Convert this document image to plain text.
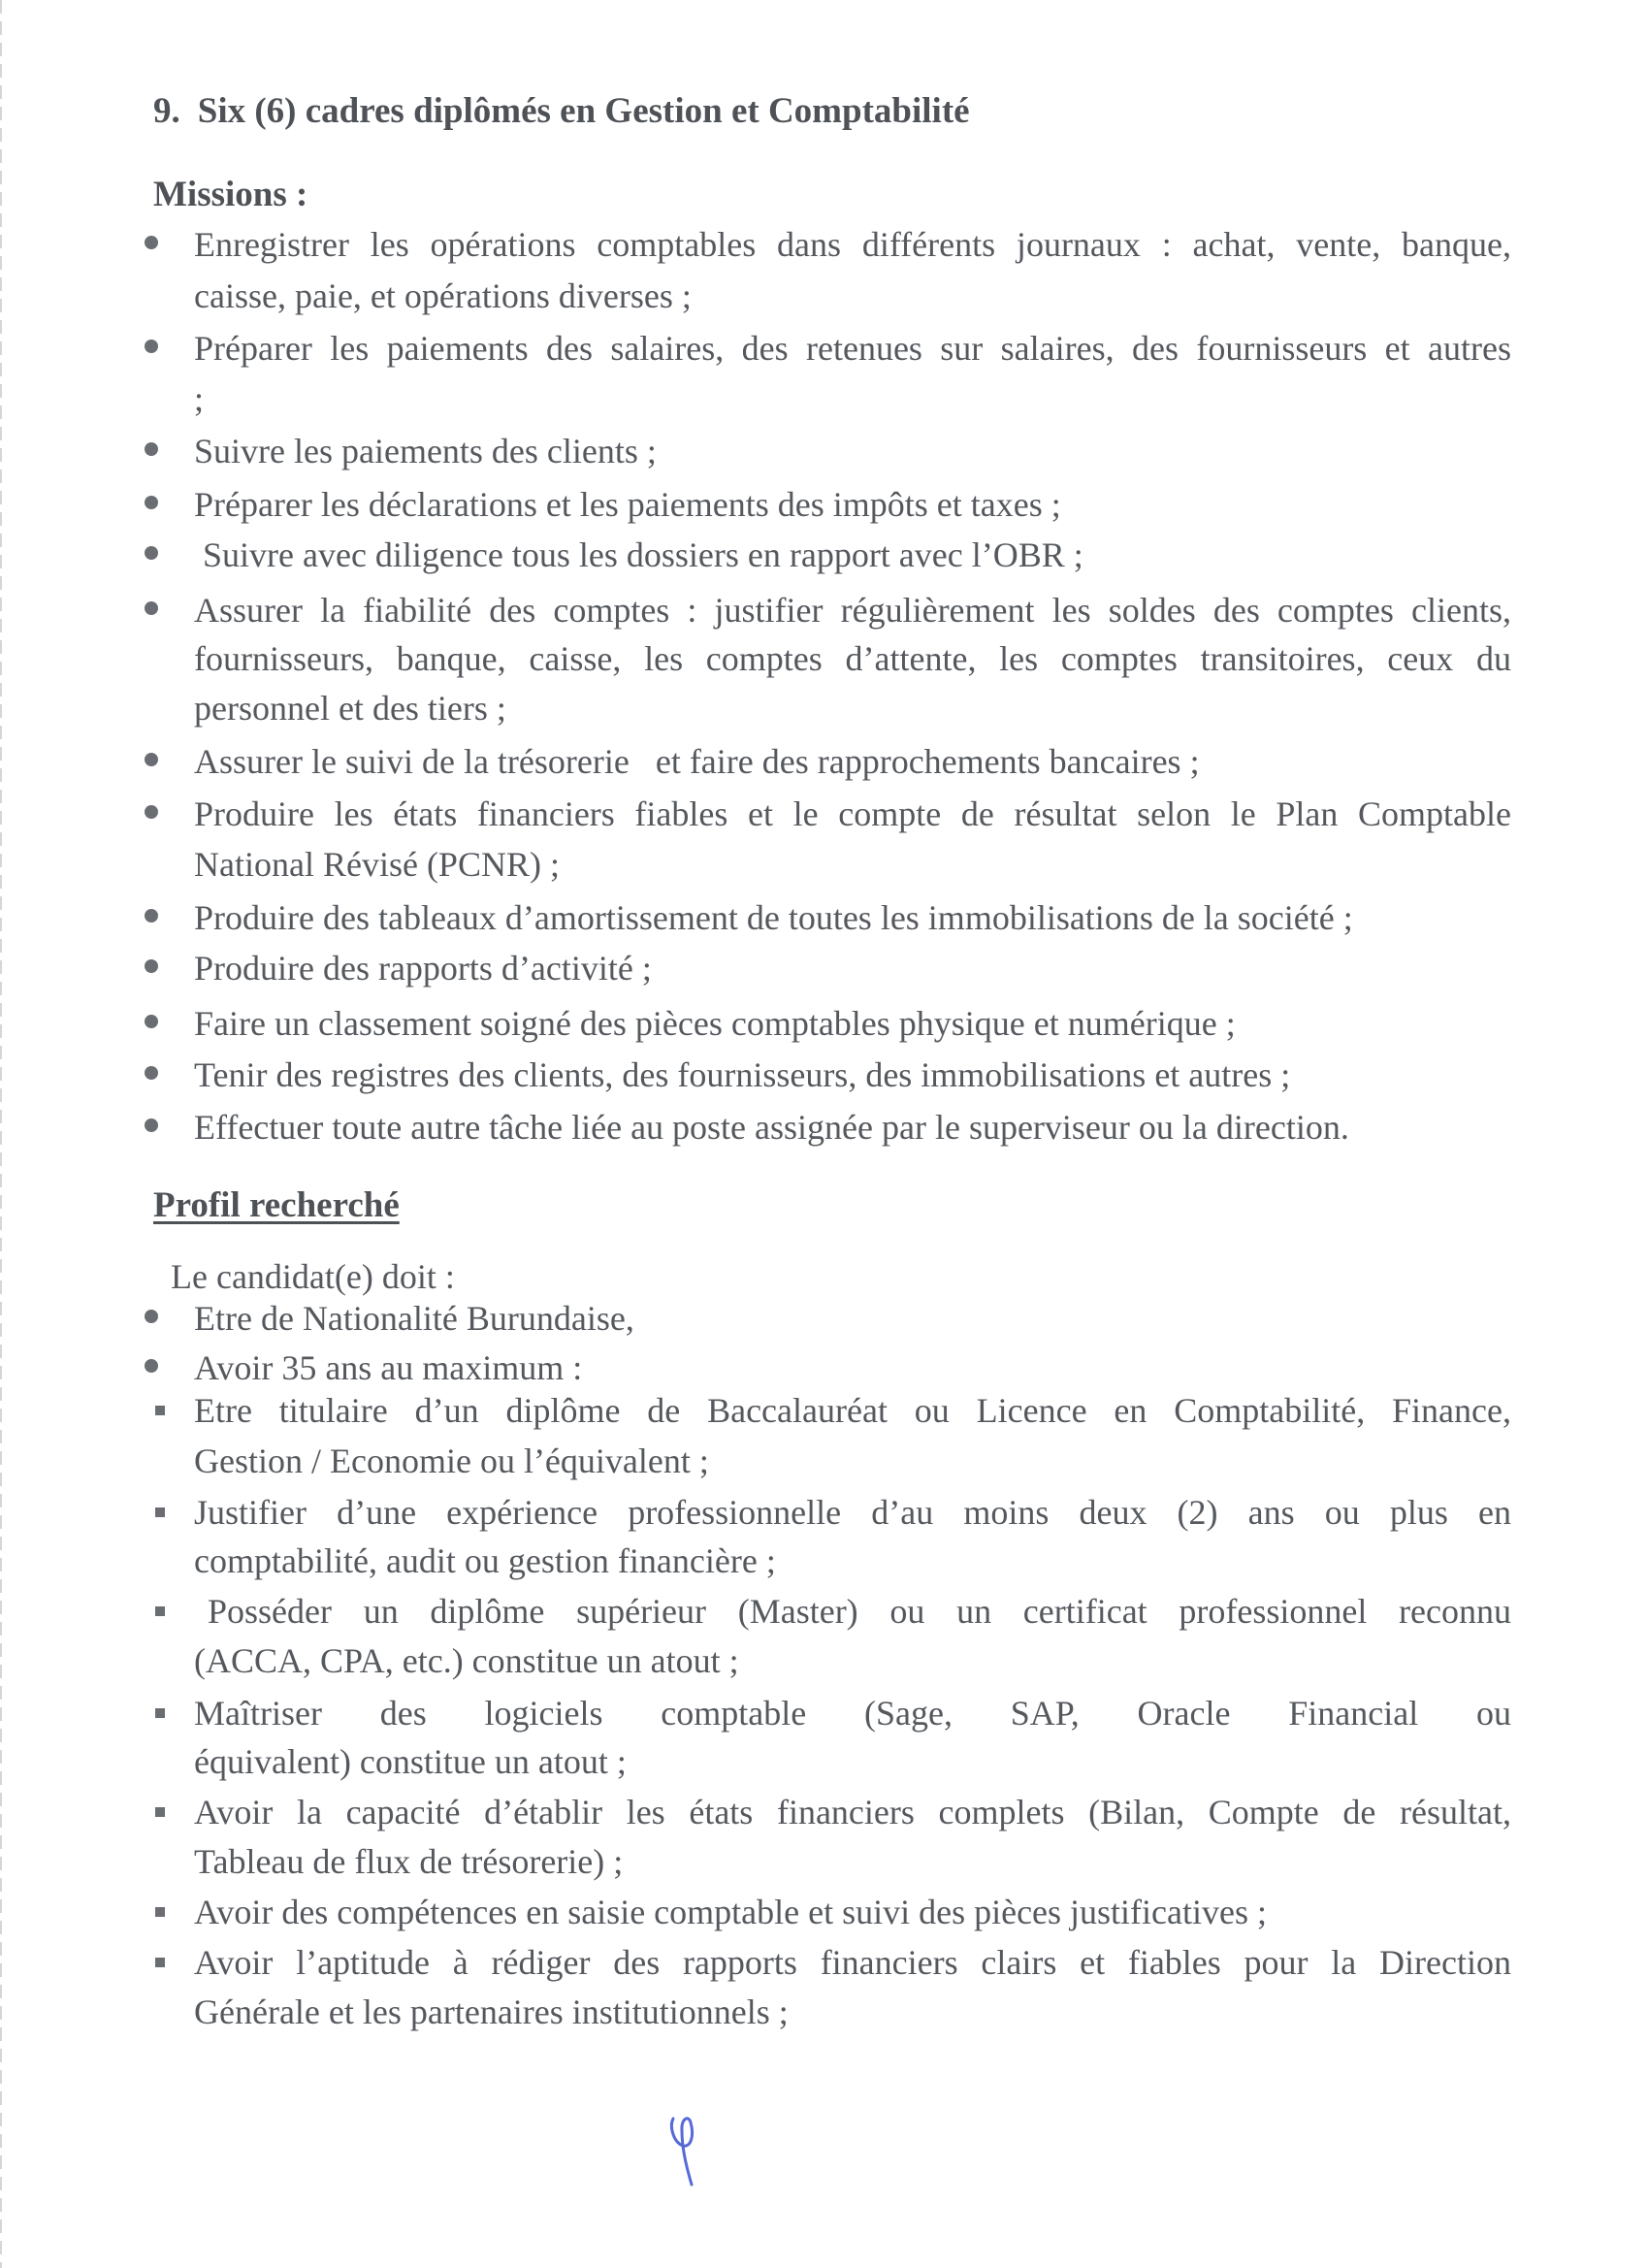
9. Six (6) cadres diplômés en Gestion et Comptabilité
Missions :
Enregistrer les opérations comptables dans différents journaux : achat, vente, banque,
caisse, paie, et opérations diverses ;
Préparer les paiements des salaires, des retenues sur salaires, des fournisseurs et autres
;
Suivre les paiements des clients ;
Préparer les déclarations et les paiements des impôts et taxes ;
Suivre avec diligence tous les dossiers en rapport avec l’OBR ;
Assurer la fiabilité des comptes : justifier régulièrement les soldes des comptes clients,
fournisseurs, banque, caisse, les comptes d’attente, les comptes transitoires, ceux du
personnel et des tiers ;
Assurer le suivi de la trésorerie   et faire des rapprochements bancaires ;
Produire les états financiers fiables et le compte de résultat selon le Plan Comptable
National Révisé (PCNR) ;
Produire des tableaux d’amortissement de toutes les immobilisations de la société ;
Produire des rapports d’activité ;
Faire un classement soigné des pièces comptables physique et numérique ;
Tenir des registres des clients, des fournisseurs, des immobilisations et autres ;
Effectuer toute autre tâche liée au poste assignée par le superviseur ou la direction.
Profil recherché
Le candidat(e) doit :
Etre de Nationalité Burundaise,
Avoir 35 ans au maximum :
Etre titulaire d’un diplôme de Baccalauréat ou Licence en Comptabilité, Finance,
Gestion / Economie ou l’équivalent ;
Justifier d’une expérience professionnelle d’au moins deux (2) ans ou plus en
comptabilité, audit ou gestion financière ;
Posséder un diplôme supérieur (Master) ou un certificat professionnel reconnu
(ACCA, CPA, etc.) constitue un atout ;
Maîtriser des logiciels comptable (Sage, SAP, Oracle Financial ou
équivalent) constitue un atout ;
Avoir la capacité d’établir les états financiers complets (Bilan, Compte de résultat,
Tableau de flux de trésorerie) ;
Avoir des compétences en saisie comptable et suivi des pièces justificatives ;
Avoir l’aptitude à rédiger des rapports financiers clairs et fiables pour la Direction
Générale et les partenaires institutionnels ;
